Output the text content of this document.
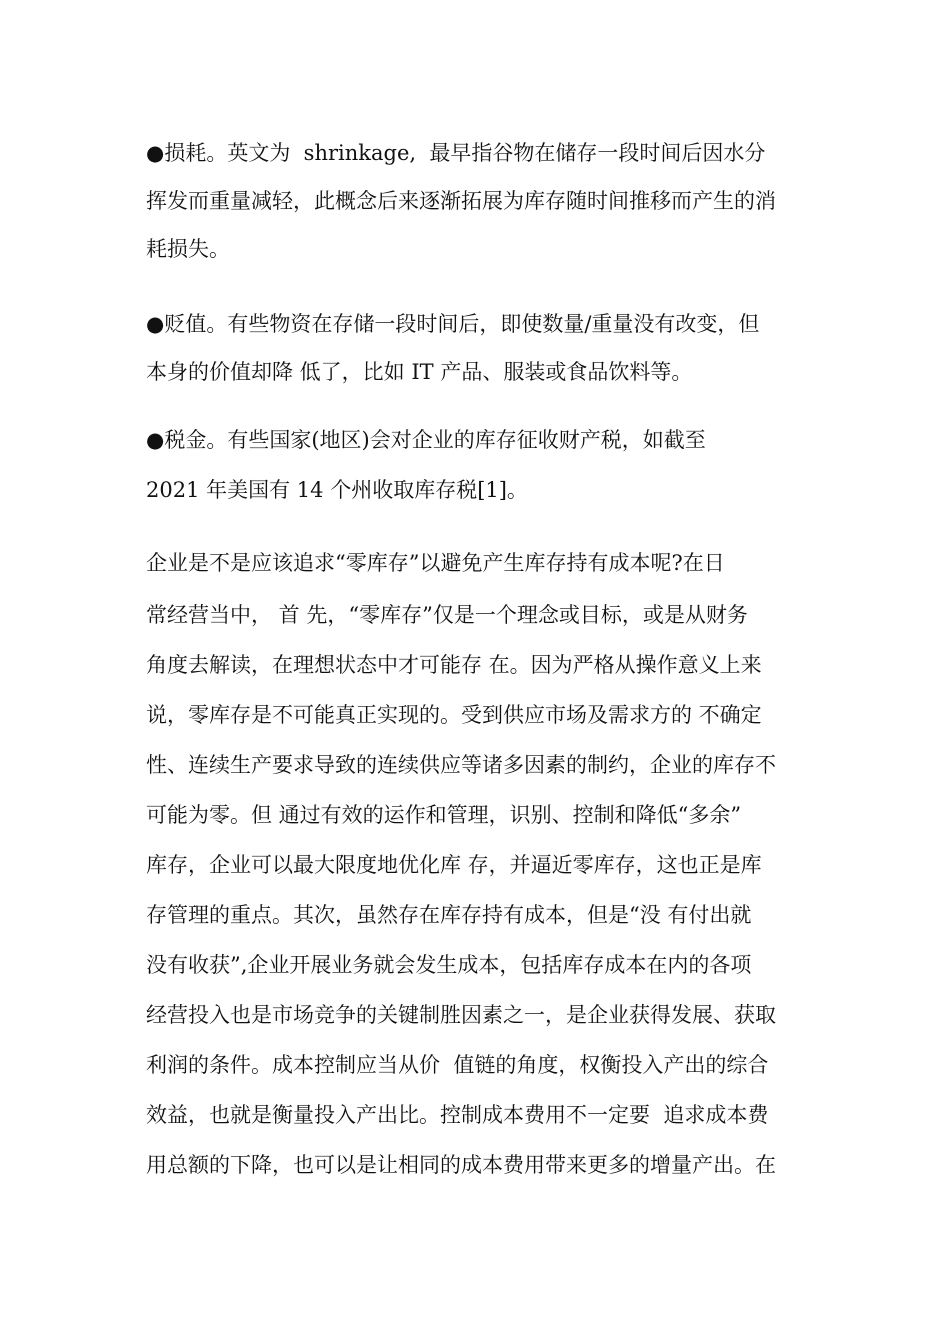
●损耗。英文为  shrinkage,  最早指谷物在储存一段时间后因水分
挥发而重量减轻，此概念后来逐渐拓展为库存随时间推移而产生的消
耗损失。
●贬值。有些物资在存储一段时间后，即使数量/重量没有改变，但
本身的价值却降 低了，比如 IT 产品、服装或食品饮料等。
●税金。有些国家(地区)会对企业的库存征收财产税，如截至
2021 年美国有 14 个州收取库存税[1]。
企业是不是应该追求“零库存”以避免产生库存持有成本呢?在日
常经营当中， 首 先，“零库存”仅是一个理念或目标，或是从财务
角度去解读，在理想状态中才可能存 在。因为严格从操作意义上来
说，零库存是不可能真正实现的。受到供应市场及需求方的 不确定
性、连续生产要求导致的连续供应等诸多因素的制约，企业的库存不
可能为零。但 通过有效的运作和管理，识别、控制和降低“多余”
库存，企业可以最大限度地优化库 存，并逼近零库存，这也正是库
存管理的重点。其次，虽然存在库存持有成本，但是“没 有付出就
没有收获”,企业开展业务就会发生成本，包括库存成本在内的各项
经营投入也是市场竞争的关键制胜因素之一，是企业获得发展、获取
利润的条件。成本控制应当从价  值链的角度，权衡投入产出的综合
效益，也就是衡量投入产出比。控制成本费用不一定要  追求成本费
用总额的下降，也可以是让相同的成本费用带来更多的增量产出。在
